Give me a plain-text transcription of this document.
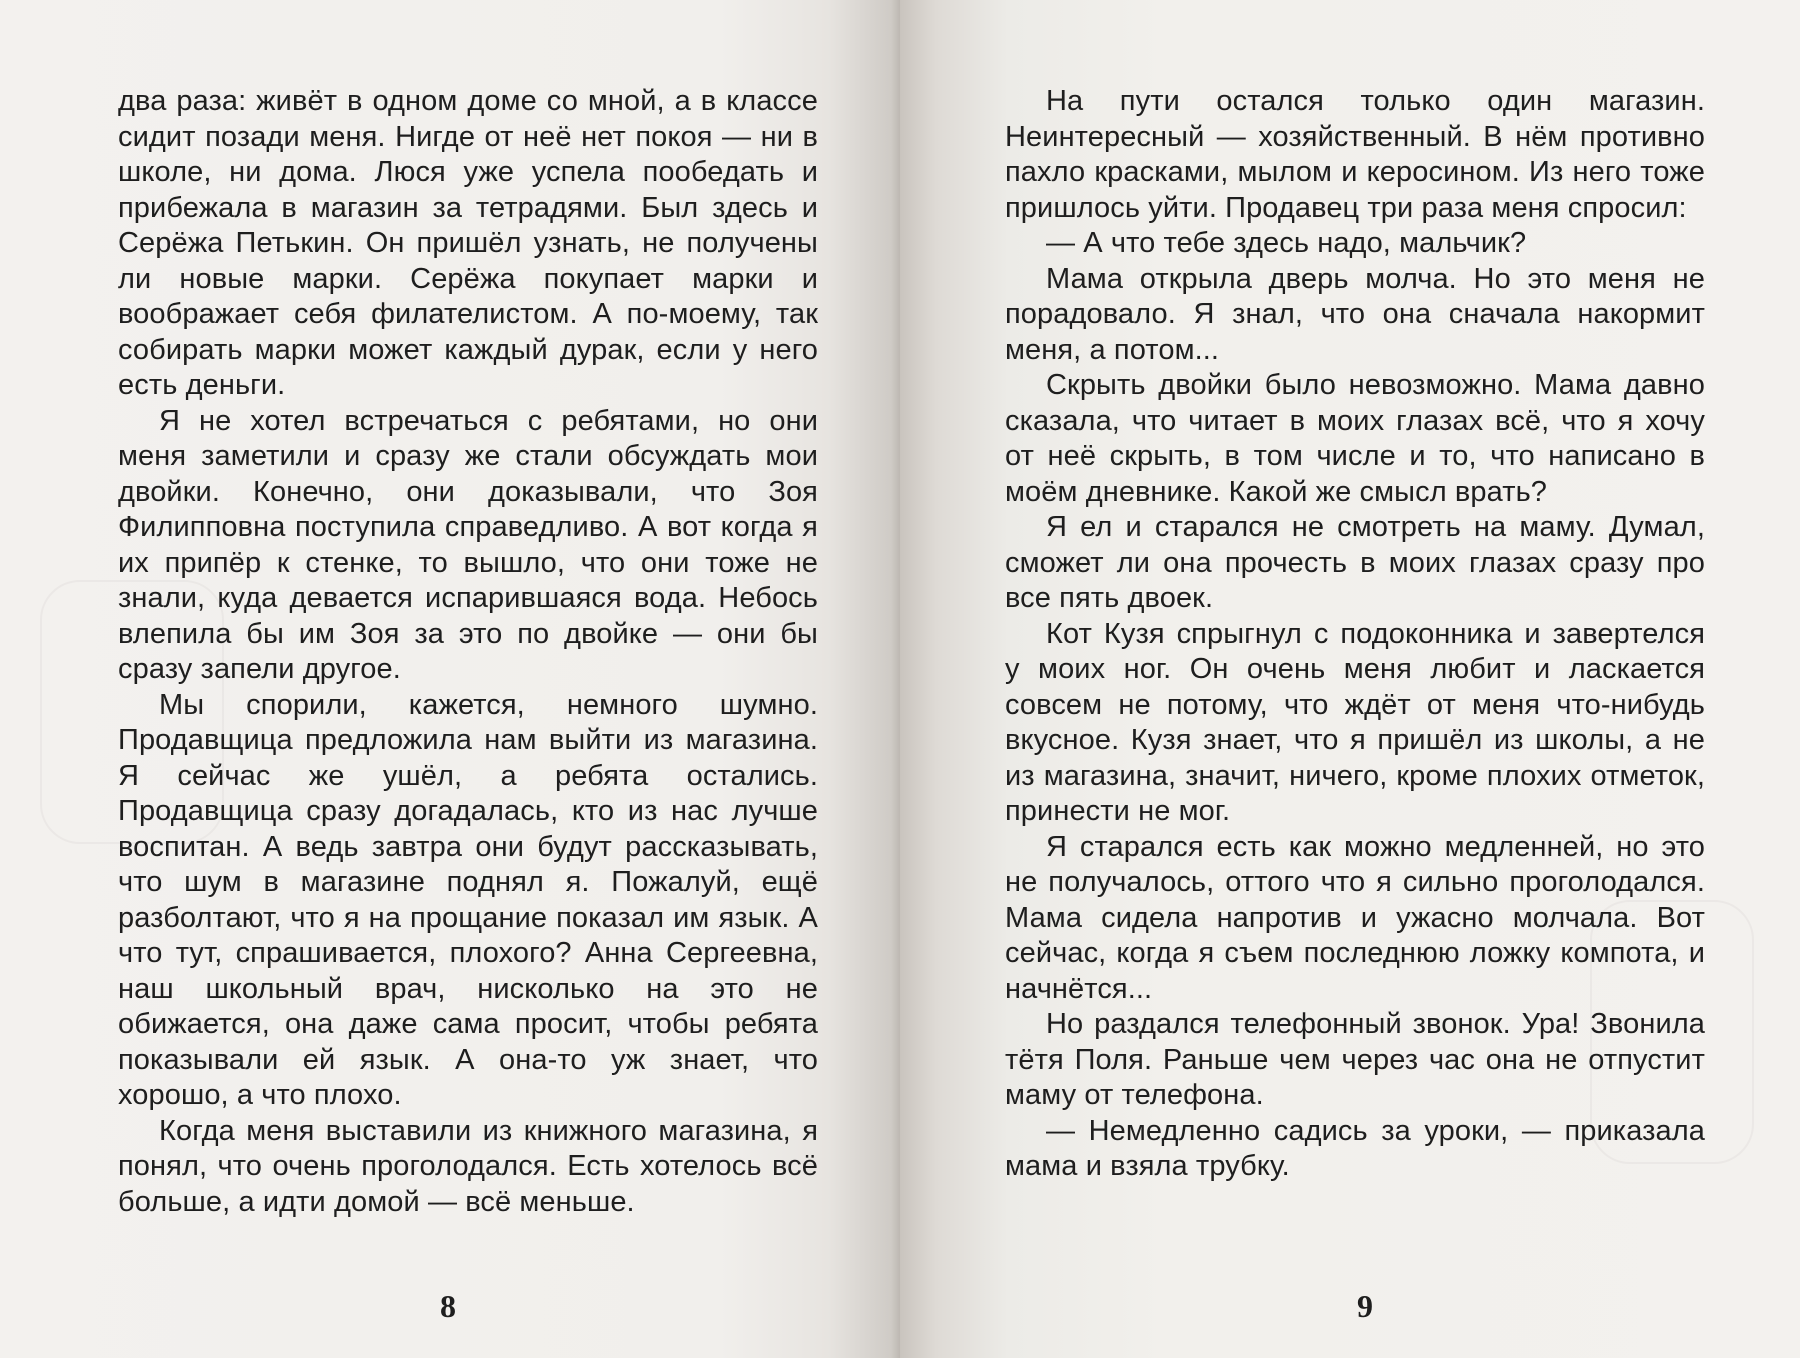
два раза: живёт в одном доме со мной, а в классе сидит позади меня. Нигде от неё нет покоя — ни в школе, ни дома. Люся уже успела пообедать и прибежала в магазин за тетрадями. Был здесь и Серёжа Петькин. Он пришёл узнать, не получены ли новые марки. Серёжа покупает марки и воображает себя филателистом. А по-моему, так собирать марки может каждый дурак, если у него есть деньги.

Я не хотел встречаться с ребятами, но они меня заметили и сразу же стали обсуждать мои двойки. Конечно, они доказывали, что Зоя Филипповна поступила справедливо. А вот когда я их припёр к стенке, то вышло, что они тоже не знали, куда девается испарившаяся вода. Небось влепила бы им Зоя за это по двойке — они бы сразу запели другое.

Мы спорили, кажется, немного шумно. Продавщица предложила нам выйти из магазина. Я сейчас же ушёл, а ребята остались. Продавщица сразу догадалась, кто из нас лучше воспитан. А ведь завтра они будут рассказывать, что шум в магазине поднял я. Пожалуй, ещё разболтают, что я на прощание показал им язык. А что тут, спрашивается, плохого? Анна Сергеевна, наш школьный врач, нисколько на это не обижается, она даже сама просит, чтобы ребята показывали ей язык. А она-то уж знает, что хорошо, а что плохо.

Когда меня выставили из книжного магазина, я понял, что очень проголодался. Есть хотелось всё больше, а идти домой — всё меньше.

8

На пути остался только один магазин. Неинтересный — хозяйственный. В нём противно пахло красками, мылом и керосином. Из него тоже пришлось уйти. Продавец три раза меня спросил:

— А что тебе здесь надо, мальчик?

Мама открыла дверь молча. Но это меня не порадовало. Я знал, что она сначала накормит меня, а потом...

Скрыть двойки было невозможно. Мама давно сказала, что читает в моих глазах всё, что я хочу от неё скрыть, в том числе и то, что написано в моём дневнике. Какой же смысл врать?

Я ел и старался не смотреть на маму. Думал, сможет ли она прочесть в моих глазах сразу про все пять двоек.

Кот Кузя спрыгнул с подоконника и завертелся у моих ног. Он очень меня любит и ласкается совсем не потому, что ждёт от меня что-нибудь вкусное. Кузя знает, что я пришёл из школы, а не из магазина, значит, ничего, кроме плохих отметок, принести не мог.

Я старался есть как можно медленней, но это не получалось, оттого что я сильно проголодался. Мама сидела напротив и ужасно молчала. Вот сейчас, когда я съем последнюю ложку компота, и начнётся...

Но раздался телефонный звонок. Ура! Звонила тётя Поля. Раньше чем через час она не отпустит маму от телефона.

— Немедленно садись за уроки, — приказала мама и взяла трубку.

9
